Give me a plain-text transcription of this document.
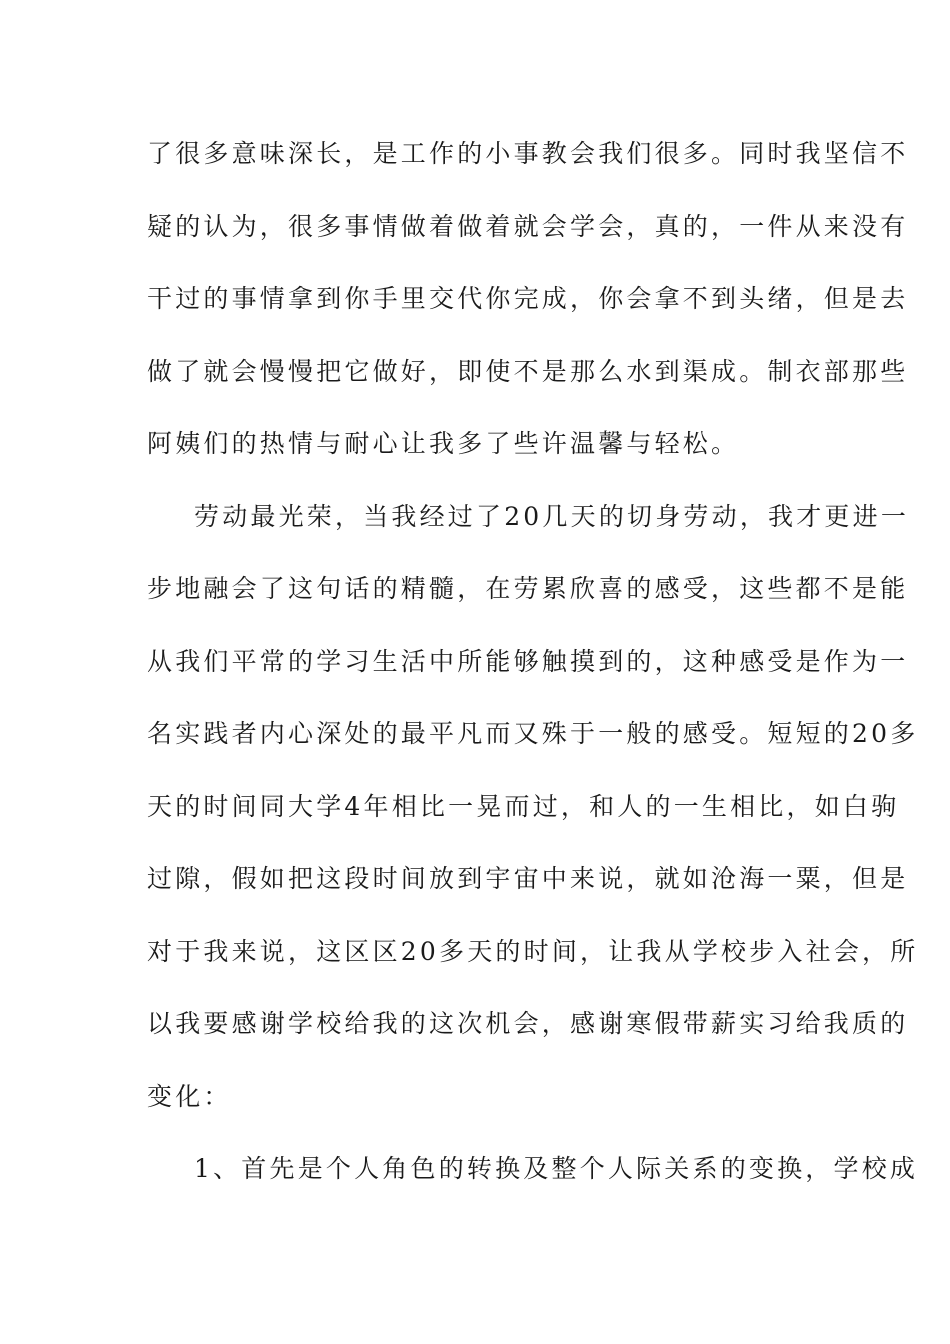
了很多意味深长，是工作的小事教会我们很多。同时我坚信不
疑的认为，很多事情做着做着就会学会，真的，一件从来没有
干过的事情拿到你手里交代你完成，你会拿不到头绪，但是去
做了就会慢慢把它做好，即使不是那么水到渠成。制衣部那些
阿姨们的热情与耐心让我多了些许温馨与轻松。
劳动最光荣，当我经过了20几天的切身劳动，我才更进一
步地融会了这句话的精髓，在劳累欣喜的感受，这些都不是能
从我们平常的学习生活中所能够触摸到的，这种感受是作为一
名实践者内心深处的最平凡而又殊于一般的感受。短短的20多
天的时间同大学4年相比一晃而过，和人的一生相比，如白驹
过隙，假如把这段时间放到宇宙中来说，就如沧海一粟，但是
对于我来说，这区区20多天的时间，让我从学校步入社会，所
以我要感谢学校给我的这次机会，感谢寒假带薪实习给我质的
变化：
1、首先是个人角色的转换及整个人际关系的变换，学校成
